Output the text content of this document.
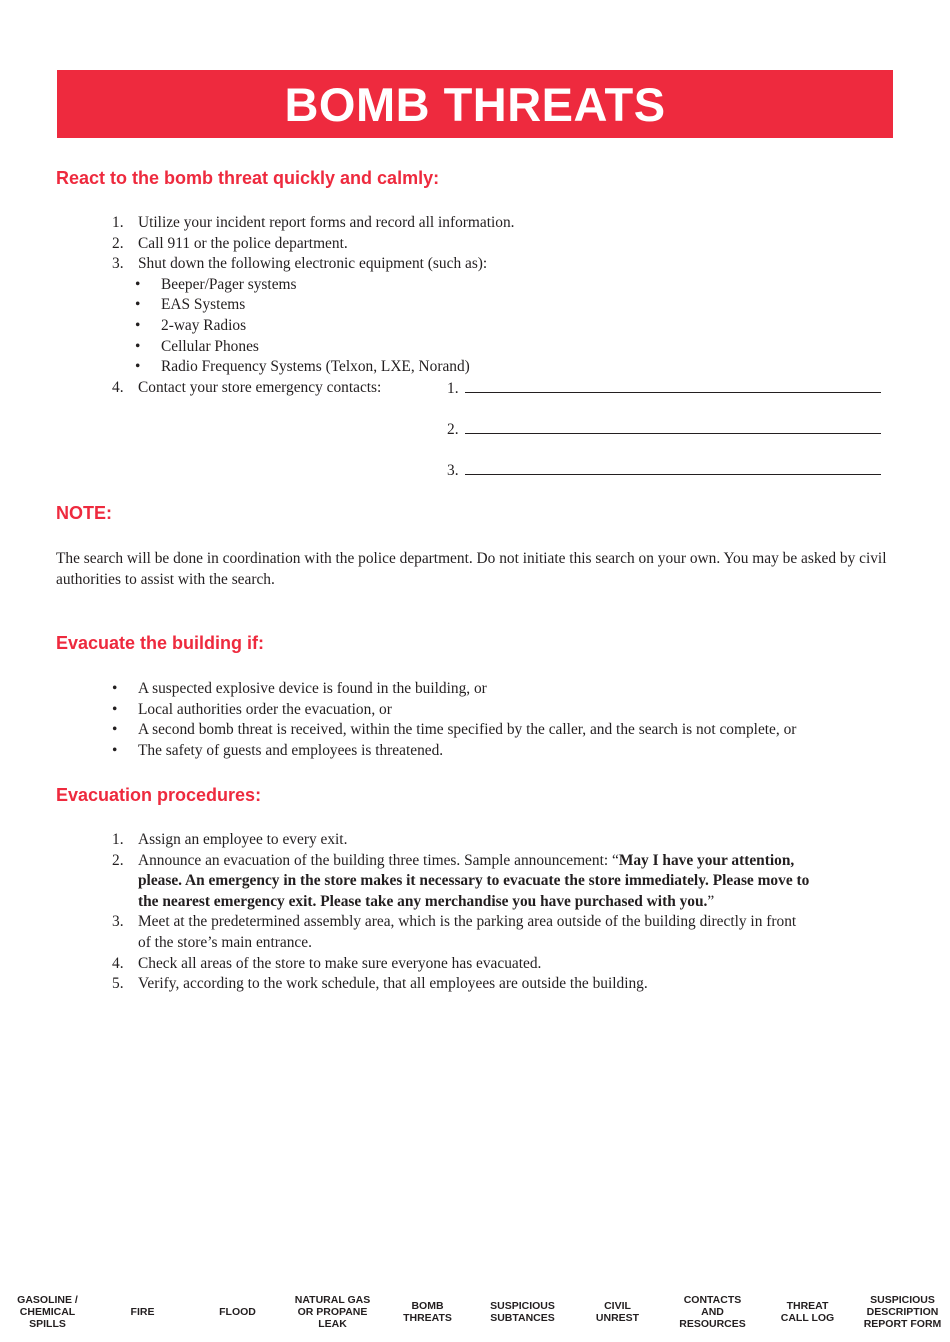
BOMB THREATS
React to the bomb threat quickly and calmly:
1. Utilize your incident report forms and record all information.
2. Call 911 or the police department.
3. Shut down the following electronic equipment (such as):
• Beeper/Pager systems
• EAS Systems
• 2-way Radios
• Cellular Phones
• Radio Frequency Systems (Telxon, LXE, Norand)
4. Contact your store emergency contacts:	1.
2.
3.
NOTE:

The search will be done in coordination with the police department. Do not initiate this search on your own. You may be asked by civil authorities to assist with the search.

Evacuate the building if:
• A suspected explosive device is found in the building, or
• Local authorities order the evacuation, or
• A second bomb threat is received, within the time specified by the caller, and the search is not complete, or
• The safety of guests and employees is threatened.
Evacuation procedures:
1. Assign an employee to every exit.
2. Announce an evacuation of the building three times. Sample announcement: “May I have your attention,
please. An emergency in the store makes it necessary to evacuate the store immediately. Please move to
the nearest emergency exit. Please take any merchandise you have purchased with you.”
3. Meet at the predetermined assembly area, which is the parking area outside of the building directly in front
of the store’s main entrance.
4. Check all areas of the store to make sure everyone has evacuated.
5. Verify, according to the work schedule, that all employees are outside the building.
GASOLINE /
CHEMICAL
SPILLS
FIRE	FLOOD
NATURAL GAS
OR PROPANE
LEAK
BOMB
THREATS
SUSPICIOUS
SUBTANCES
CIVIL
UNREST
CONTACTS
AND
RESOURCES
THREAT
CALL LOG
SUSPICIOUS
DESCRIPTION
REPORT FORM
